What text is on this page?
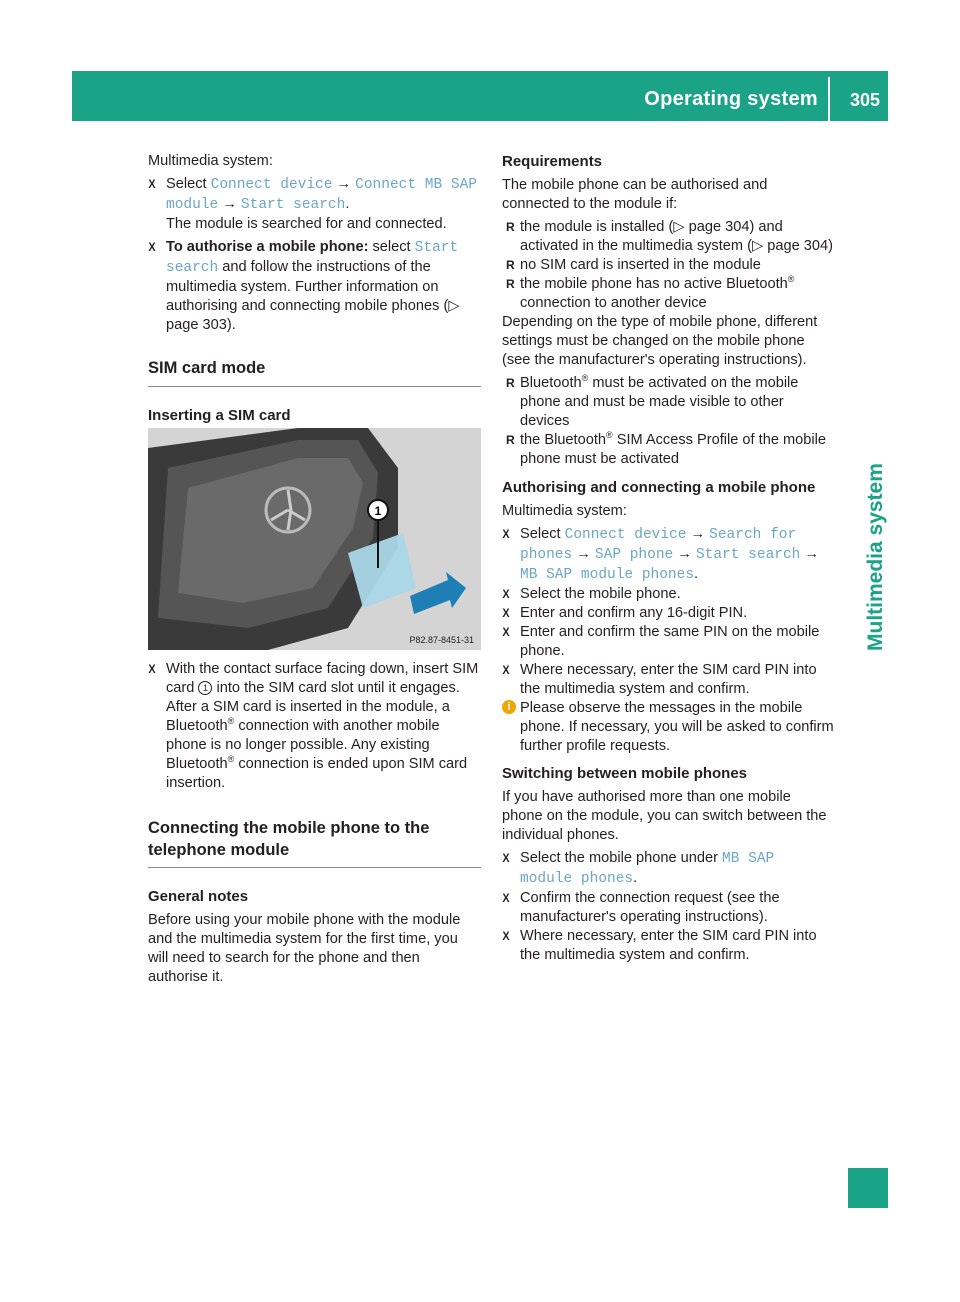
Operating system 305
Multimedia system

Multimedia system:

X Select Connect device → Connect MB SAP module → Start search.

The module is searched for and connected.

X To authorise a mobile phone: select Start search and follow the instructions of the multimedia system. Further information on authorising and connecting mobile phones (▷ page 303).

SIM card mode
Inserting a SIM card
1
P82.87-8451-31

X With the contact surface facing down, insert SIM card 1 into the SIM card slot until it engages.

After a SIM card is inserted in the module, a Bluetooth® connection with another mobile phone is no longer possible. Any existing Bluetooth® connection is ended upon SIM card insertion.

Connecting the mobile phone to the telephone module
General notes

Before using your mobile phone with the module and the multimedia system for the first time, you will need to search for the phone and then authorise it.

Requirements

The mobile phone can be authorised and connected to the module if:

R the module is installed (▷ page 304) and activated in the multimedia system (▷ page 304)

R no SIM card is inserted in the module

R the mobile phone has no active Bluetooth® connection to another device

Depending on the type of mobile phone, different settings must be changed on the mobile phone (see the manufacturer's operating instructions).

R Bluetooth® must be activated on the mobile phone and must be made visible to other devices

R the Bluetooth® SIM Access Profile of the mobile phone must be activated

Authorising and connecting a mobile phone

Multimedia system:

X Select Connect device → Search for phones → SAP phone → Start search → MB SAP module phones.

X Select the mobile phone.

X Enter and confirm any 16-digit PIN.

X Enter and confirm the same PIN on the mobile phone.

X Where necessary, enter the SIM card PIN into the multimedia system and confirm.

i Please observe the messages in the mobile phone. If necessary, you will be asked to confirm further profile requests.

Switching between mobile phones

If you have authorised more than one mobile phone on the module, you can switch between the individual phones.

X Select the mobile phone under MB SAP module phones.

X Confirm the connection request (see the manufacturer's operating instructions).

X Where necessary, enter the SIM card PIN into the multimedia system and confirm.
